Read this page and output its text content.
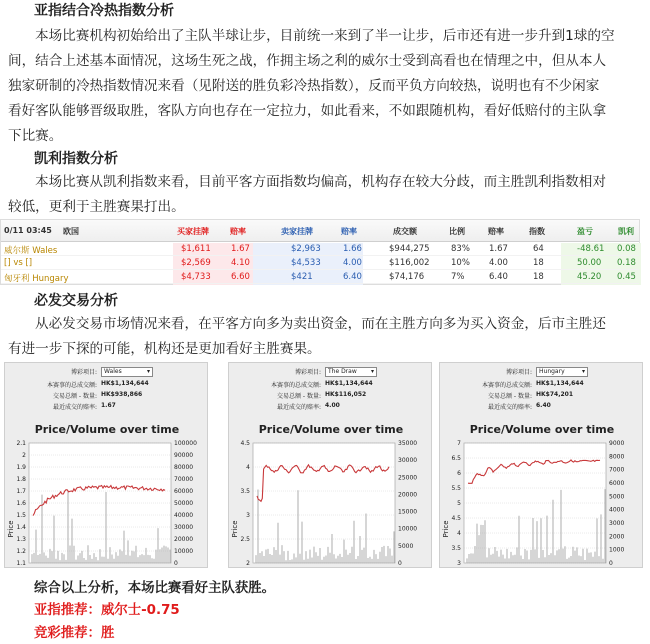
亚指结合冷热指数分析
本场比赛机构初始给出了主队半球让步，目前统一来到了半一让步，后市还有进一步升到1球的空
间，结合上述基本面情况，这场生死之战，作拥主场之利的威尔士受到高看也在情理之中，但从本人
独家研制的冷热指数情况来看（见附送的胜负彩冷热指数），反而平负方向较热，说明也有不少闲家
看好客队能够晋级取胜，客队方向也存在一定拉力，如此看来，不如跟随机构，看好低赔付的主队拿
下比赛。
凯利指数分析
本场比赛从凯利指数来看，目前平客方面指数均偏高，机构存在较大分歧，而主胜凯利指数相对
较低，更利于主胜赛果打出。
0/11 03:45 欧国	买家挂牌	赔率	卖家挂牌	赔率	成交额	比例	赔率	指数	盈亏	凯利
威尔斯 Wales	$1,611 1.67	$2,963	1.66	$944,275	83% 1.67	64	-48.61 0.08
[] vs []	$2,569 4.10	$4,533	4.00	$116,002	10% 4.00	18	50.00 0.18
匈牙利 Hungary	$4,733 6.60	$421	6.40	$74,176	7%	6.40	18	45.20 0.45
必发交易分析
从必发交易市场情况来看，在平客方向多为卖出资金，而在主胜方向多为买入资金，后市主胜还
有进一步下探的可能，机构还是更加看好主胜赛果。
博彩项目:	Wales ▾
本赛事的总成交额: HK$1,134,644
交易总额 - 数量: HK$938,866
最近成交的赔率: 1.67
Price/Volume over time
2.1
2
1.9
1.8
1.7
1.6
1.5
1.4
1.3
1.2
1.1
100000
90000
80000
70000
60000
50000
40000
30000
20000
10000
0
Price
博彩项目:	The Draw ▾
本赛事的总成交额: HK$1,134,644
交易总额 - 数量: HK$116,052
最近成交的赔率: 4.00
Price/Volume over time
4.5
4
3.5
3
2.5
2
35000
30000
25000
20000
15000
10000
5000
0
Price
博彩项目:	Hungary ▾
本赛事的总成交额: HK$1,134,644
交易总额 - 数量: HK$74,201
最近成交的赔率: 6.40
Price/Volume over time
7
6.5
6
5.5
5
4.5
4
3.5
3
9000
8000
7000
6000
5000
4000
3000
2000
1000
0
Price
综合以上分析，本场比赛看好主队获胜。
亚指推荐：威尔士-0.75
竞彩推荐：胜
